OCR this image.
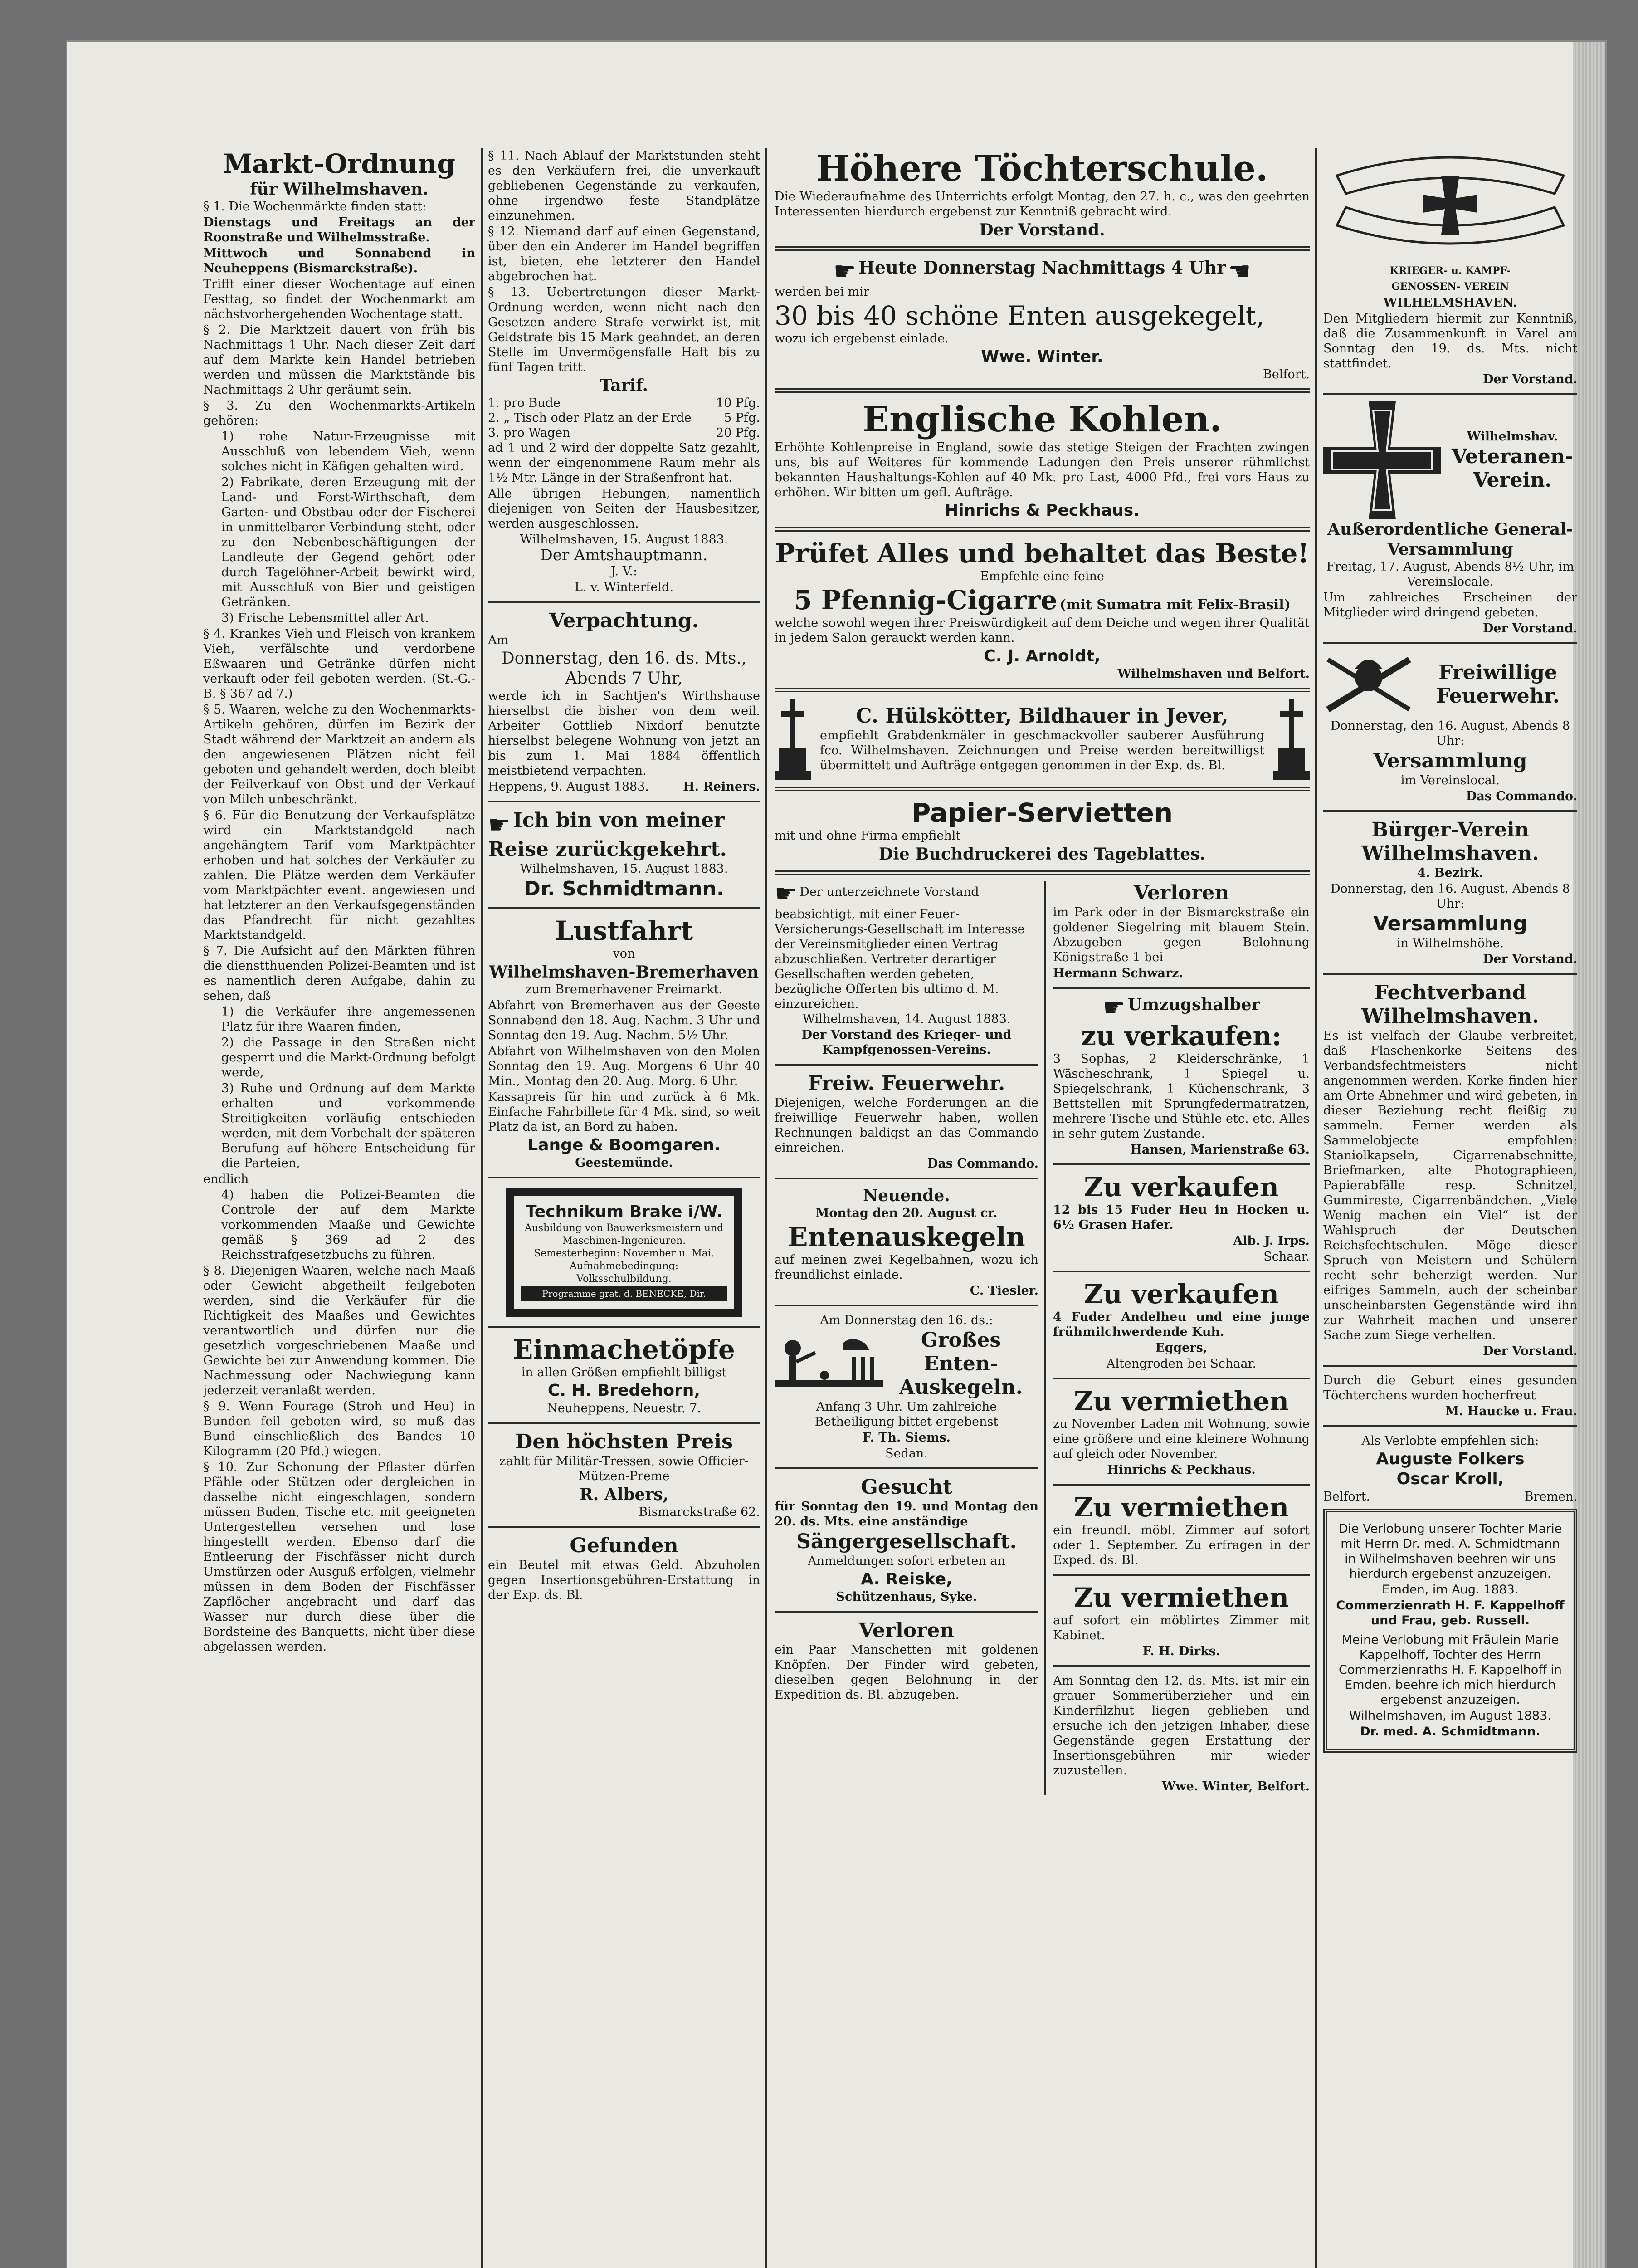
Markt-Ordnung
für Wilhelmshaven.

§ 1. Die Wochenmärkte finden statt:

Dienstags und Freitags an der Roonstraße und Wilhelmsstraße.

Mittwoch und Sonnabend in Neuheppens (Bismarckstraße).

Trifft einer dieser Wochentage auf einen Festtag, so findet der Wochenmarkt am nächstvorhergehenden Wochentage statt.

§ 2. Die Marktzeit dauert von früh bis Nachmittags 1 Uhr. Nach dieser Zeit darf auf dem Markte kein Handel betrieben werden und müssen die Marktstände bis Nachmittags 2 Uhr geräumt sein.

§ 3. Zu den Wochenmarkts-Artikeln gehören:

1) rohe Natur-Erzeugnisse mit Ausschluß von lebendem Vieh, wenn solches nicht in Käfigen gehalten wird.

2) Fabrikate, deren Erzeugung mit der Land- und Forst-Wirthschaft, dem Garten- und Obstbau oder der Fischerei in unmittelbarer Verbindung steht, oder zu den Nebenbeschäftigungen der Landleute der Gegend gehört oder durch Tagelöhner-Arbeit bewirkt wird, mit Ausschluß von Bier und geistigen Getränken.

3) Frische Lebensmittel aller Art.

§ 4. Krankes Vieh und Fleisch von krankem Vieh, verfälschte und verdorbene Eßwaaren und Getränke dürfen nicht verkauft oder feil geboten werden. (St.-G.-B. § 367 ad 7.)

§ 5. Waaren, welche zu den Wochenmarkts-Artikeln gehören, dürfen im Bezirk der Stadt während der Marktzeit an andern als den angewiesenen Plätzen nicht feil geboten und gehandelt werden, doch bleibt der Feilverkauf von Obst und der Verkauf von Milch unbeschränkt.

§ 6. Für die Benutzung der Verkaufsplätze wird ein Marktstandgeld nach angehängtem Tarif vom Marktpächter erhoben und hat solches der Verkäufer zu zahlen. Die Plätze werden dem Verkäufer vom Marktpächter event. angewiesen und hat letzterer an den Verkaufsgegenständen das Pfandrecht für nicht gezahltes Marktstandgeld.

§ 7. Die Aufsicht auf den Märkten führen die dienstthuenden Polizei-Beamten und ist es namentlich deren Aufgabe, dahin zu sehen, daß

1) die Verkäufer ihre angemessenen Platz für ihre Waaren finden,

2) die Passage in den Straßen nicht gesperrt und die Markt-Ordnung befolgt werde,

3) Ruhe und Ordnung auf dem Markte erhalten und vorkommende Streitigkeiten vorläufig entschieden werden, mit dem Vorbehalt der späteren Berufung auf höhere Entscheidung für die Parteien,

endlich

4) haben die Polizei-Beamten die Controle der auf dem Markte vorkommenden Maaße und Gewichte gemäß § 369 ad 2 des Reichsstrafgesetzbuchs zu führen.

§ 8. Diejenigen Waaren, welche nach Maaß oder Gewicht abgetheilt feilgeboten werden, sind die Verkäufer für die Richtigkeit des Maaßes und Gewichtes verantwortlich und dürfen nur die gesetzlich vorgeschriebenen Maaße und Gewichte bei zur Anwendung kommen. Die Nachmessung oder Nachwiegung kann jederzeit veranlaßt werden.

§ 9. Wenn Fourage (Stroh und Heu) in Bunden feil geboten wird, so muß das Bund einschließlich des Bandes 10 Kilogramm (20 Pfd.) wiegen.

§ 10. Zur Schonung der Pflaster dürfen Pfähle oder Stützen oder dergleichen in dasselbe nicht eingeschlagen, sondern müssen Buden, Tische etc. mit geeigneten Untergestellen versehen und lose hingestellt werden. Ebenso darf die Entleerung der Fischfässer nicht durch Umstürzen oder Ausguß erfolgen, vielmehr müssen in dem Boden der Fischfässer Zapflöcher angebracht und darf das Wasser nur durch diese über die Bordsteine des Banquetts, nicht über diese abgelassen werden.

§ 11. Nach Ablauf der Marktstunden steht es den Verkäufern frei, die unverkauft gebliebenen Gegenstände zu verkaufen, ohne irgendwo feste Standplätze einzunehmen.

§ 12. Niemand darf auf einen Gegenstand, über den ein Anderer im Handel begriffen ist, bieten, ehe letzterer den Handel abgebrochen hat.

§ 13. Uebertretungen dieser Markt-Ordnung werden, wenn nicht nach den Gesetzen andere Strafe verwirkt ist, mit Geldstrafe bis 15 Mark geahndet, an deren Stelle im Unvermögensfalle Haft bis zu fünf Tagen tritt.

Tarif.
1. pro Bude	10 Pfg.
2. „ Tisch oder Platz an der Erde	5 Pfg.
3. pro Wagen	20 Pfg.

ad 1 und 2 wird der doppelte Satz gezahlt, wenn der eingenommene Raum mehr als 1½ Mtr. Länge in der Straßenfront hat.

Alle übrigen Hebungen, namentlich diejenigen von Seiten der Hausbesitzer, werden ausgeschlossen.

Wilhelmshaven, 15. August 1883.

Der Amtshauptmann.

J. V.:

L. v. Winterfeld.

Verpachtung.

Am

Donnerstag, den 16. ds. Mts., Abends 7 Uhr,

werde ich in Sachtjen's Wirthshause hierselbst die bisher von dem weil. Arbeiter Gottlieb Nixdorf benutzte hierselbst belegene Wohnung von jetzt an bis zum 1. Mai 1884 öffentlich meistbietend verpachten.

Heppens, 9. August 1883.	H. Reiners.
☛ Ich bin von meiner Reise zurückgekehrt.

Wilhelmshaven, 15. August 1883.

Dr. Schmidtmann.
Lustfahrt

von

Wilhelmshaven-Bremerhaven

zum Bremerhavener Freimarkt.

Abfahrt von Bremerhaven aus der Geeste Sonnabend den 18. Aug. Nachm. 3 Uhr und Sonntag den 19. Aug. Nachm. 5½ Uhr.

Abfahrt von Wilhelmshaven von den Molen Sonntag den 19. Aug. Morgens 6 Uhr 40 Min., Montag den 20. Aug. Morg. 6 Uhr.

Kassapreis für hin und zurück à 6 Mk. Einfache Fahrbillete für 4 Mk. sind, so weit Platz da ist, an Bord zu haben.

Lange & Boomgaren.

Geestemünde.

Technikum Brake i/W.

Ausbildung von Bauwerksmeistern und Maschinen-Ingenieuren. Semesterbeginn: November u. Mai. Aufnahmebedingung: Volksschulbildung.

Programme grat. d. BENECKE, Dir.

Einmachetöpfe

in allen Größen empfiehlt billigst

C. H. Bredehorn,

Neuheppens, Neuestr. 7.

Den höchsten Preis

zahlt für Militär-Tressen, sowie Officier-Mützen-Preme

R. Albers,

Bismarckstraße 62.

Gefunden

ein Beutel mit etwas Geld. Abzuholen gegen Insertionsgebühren-Erstattung in der Exp. ds. Bl.

Höhere Töchterschule.

Die Wiederaufnahme des Unterrichts erfolgt Montag, den 27. h. c., was den geehrten Interessenten hierdurch ergebenst zur Kenntniß gebracht wird.

Der Vorstand.
☛ Heute Donnerstag Nachmittags 4 Uhr ☚

werden bei mir

30 bis 40 schöne Enten ausgekegelt,

wozu ich ergebenst einlade.

Wwe. Winter.

Belfort.

Englische Kohlen.

Erhöhte Kohlenpreise in England, sowie das stetige Steigen der Frachten zwingen uns, bis auf Weiteres für kommende Ladungen den Preis unserer rühmlichst bekannten Haushaltungs-Kohlen auf 40 Mk. pro Last, 4000 Pfd., frei vors Haus zu erhöhen. Wir bitten um gefl. Aufträge.

Hinrichs & Peckhaus.
Prüfet Alles und behaltet das Beste!

Empfehle eine feine

5 Pfennig-Cigarre (mit Sumatra mit Felix-Brasil)

welche sowohl wegen ihrer Preiswürdigkeit auf dem Deiche und wegen ihrer Qualität in jedem Salon gerauckt werden kann.

C. J. Arnoldt,

Wilhelmshaven und Belfort.

C. Hülskötter, Bildhauer in Jever,

empfiehlt Grabdenkmäler in geschmackvoller sauberer Ausführung fco. Wilhelmshaven. Zeichnungen und Preise werden bereitwilligst übermittelt und Aufträge entgegen genommen in der Exp. ds. Bl.

Papier-Servietten

mit und ohne Firma empfiehlt

Die Buchdruckerei des Tageblattes.
☛ Der unterzeichnete Vorstand beabsichtigt, mit einer Feuer-Versicherungs-Gesellschaft im Interesse der Vereinsmitglieder einen Vertrag abzuschließen. Vertreter derartiger Gesellschaften werden gebeten, bezügliche Offerten bis ultimo d. M. einzureichen.

Wilhelmshaven, 14. August 1883.

Der Vorstand des Krieger- und Kampfgenossen-Vereins.

Freiw. Feuerwehr.

Diejenigen, welche Forderungen an die freiwillige Feuerwehr haben, wollen Rechnungen baldigst an das Commando einreichen.

Das Commando.

Neuende.

Montag den 20. August cr.

Entenauskegeln

auf meinen zwei Kegelbahnen, wozu ich freundlichst einlade.

C. Tiesler.

Am Donnerstag den 16. ds.:

Großes Enten-Auskegeln.

Anfang 3 Uhr. Um zahlreiche Betheiligung bittet ergebenst

F. Th. Siems.

Sedan.

Gesucht

für Sonntag den 19. und Montag den 20. ds. Mts. eine anständige

Sängergesellschaft.

Anmeldungen sofort erbeten an

A. Reiske,

Schützenhaus, Syke.

Verloren

ein Paar Manschetten mit goldenen Knöpfen. Der Finder wird gebeten, dieselben gegen Belohnung in der Expedition ds. Bl. abzugeben.

Verloren

im Park oder in der Bismarckstraße ein goldener Siegelring mit blauem Stein. Abzugeben gegen Belohnung Königstraße 1 bei

Hermann Schwarz.

☛ Umzugshalber
zu verkaufen:

3 Sophas, 2 Kleiderschränke, 1 Wäscheschrank, 1 Spiegel u. Spiegelschrank, 1 Küchenschrank, 3 Bettstellen mit Sprungfedermatratzen, mehrere Tische und Stühle etc. etc. Alles in sehr gutem Zustande.

Hansen, Marienstraße 63.

Zu verkaufen

12 bis 15 Fuder Heu in Hocken u. 6½ Grasen Hafer.

Alb. J. Irps.

Schaar.

Zu verkaufen

4 Fuder Andelheu und eine junge frühmilchwerdende Kuh.

Eggers,

Altengroden bei Schaar.

Zu vermiethen

zu November Laden mit Wohnung, sowie eine größere und eine kleinere Wohnung auf gleich oder November.

Hinrichs & Peckhaus.

Zu vermiethen

ein freundl. möbl. Zimmer auf sofort oder 1. September. Zu erfragen in der Exped. ds. Bl.

Zu vermiethen

auf sofort ein möblirtes Zimmer mit Kabinet.

F. H. Dirks.

Am Sonntag den 12. ds. Mts. ist mir ein grauer Sommerüberzieher und ein Kinderfilzhut liegen geblieben und ersuche ich den jetzigen Inhaber, diese Gegenstände gegen Erstattung der Insertionsgebühren mir wieder zuzustellen.

Wwe. Winter, Belfort.

KRIEGER- u. KAMPF-

GENOSSEN- VEREIN

WILHELMSHAVEN.

Den Mitgliedern hiermit zur Kenntniß, daß die Zusammenkunft in Varel am Sonntag den 19. ds. Mts. nicht stattfindet.

Der Vorstand.

Wilhelmshav.

Veteranen-Verein.
Außerordentliche General-Versammlung

Freitag, 17. August, Abends 8½ Uhr, im Vereinslocale.

Um zahlreiches Erscheinen der Mitglieder wird dringend gebeten.

Der Vorstand.

Freiwillige Feuerwehr.

Donnerstag, den 16. August, Abends 8 Uhr:

Versammlung

im Vereinslocal.

Das Commando.

Bürger-Verein Wilhelmshaven.

4. Bezirk.

Donnerstag, den 16. August, Abends 8 Uhr:

Versammlung

in Wilhelmshöhe.

Der Vorstand.

Fechtverband Wilhelmshaven.

Es ist vielfach der Glaube verbreitet, daß Flaschenkorke Seitens des Verbandsfechtmeisters nicht angenommen werden. Korke finden hier am Orte Abnehmer und wird gebeten, in dieser Beziehung recht fleißig zu sammeln. Ferner werden als Sammelobjecte empfohlen: Staniolkapseln, Cigarrenabschnitte, Briefmarken, alte Photographieen, Papierabfälle resp. Schnitzel, Gummireste, Cigarrenbändchen. „Viele Wenig machen ein Viel“ ist der Wahlspruch der Deutschen Reichsfechtschulen. Möge dieser Spruch von Meistern und Schülern recht sehr beherzigt werden. Nur eifriges Sammeln, auch der scheinbar unscheinbarsten Gegenstände wird ihn zur Wahrheit machen und unserer Sache zum Siege verhelfen.

Der Vorstand.

Durch die Geburt eines gesunden Töchterchens wurden hocherfreut

M. Haucke u. Frau.

Als Verlobte empfehlen sich:

Auguste Folkers
Oscar Kroll,
Belfort.	Bremen.

Die Verlobung unserer Tochter Marie mit Herrn Dr. med. A. Schmidtmann in Wilhelmshaven beehren wir uns hierdurch ergebenst anzuzeigen.

Emden, im Aug. 1883.

Commerzienrath H. F. Kappelhoff und Frau, geb. Russell.

Meine Verlobung mit Fräulein Marie Kappelhoff, Tochter des Herrn Commerzienraths H. F. Kappelhoff in Emden, beehre ich mich hierdurch ergebenst anzuzeigen.

Wilhelmshaven, im August 1883.

Dr. med. A. Schmidtmann.
